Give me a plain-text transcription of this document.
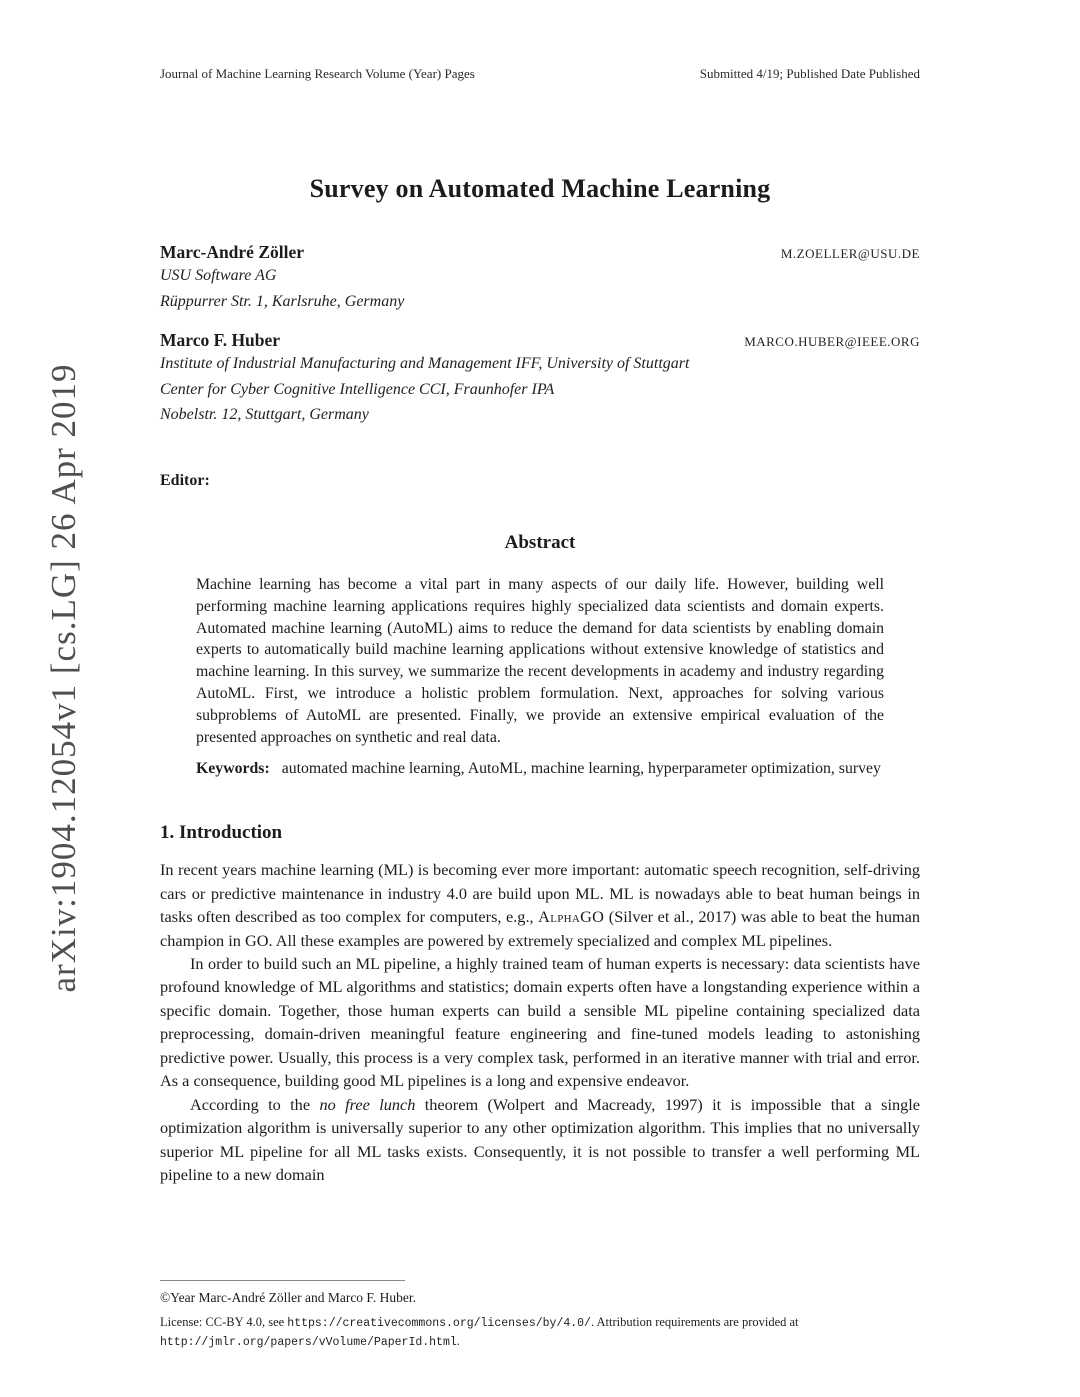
arXiv:1904.12054v1 [cs.LG] 26 Apr 2019
Journal of Machine Learning Research Volume (Year) Pages	Submitted 4/19; Published Date Published
Survey on Automated Machine Learning
Marc-André Zöller	M.ZOELLER@USU.DE
USU Software AG
Rüppurrer Str. 1, Karlsruhe, Germany
Marco F. Huber	MARCO.HUBER@IEEE.ORG
Institute of Industrial Manufacturing and Management IFF, University of Stuttgart
Center for Cyber Cognitive Intelligence CCI, Fraunhofer IPA
Nobelstr. 12, Stuttgart, Germany
Editor:
Abstract

Machine learning has become a vital part in many aspects of our daily life. However, building well performing machine learning applications requires highly specialized data scientists and domain experts. Automated machine learning (AutoML) aims to reduce the demand for data scientists by enabling domain experts to automatically build machine learning applications without extensive knowledge of statistics and machine learning. In this survey, we summarize the recent developments in academy and industry regarding AutoML. First, we introduce a holistic problem formulation. Next, approaches for solving various subproblems of AutoML are presented. Finally, we provide an extensive empirical evaluation of the presented approaches on synthetic and real data.

Keywords: automated machine learning, AutoML, machine learning, hyperparameter optimization, survey

1. Introduction

In recent years machine learning (ML) is becoming ever more important: automatic speech recognition, self-driving cars or predictive maintenance in industry 4.0 are build upon ML. ML is nowadays able to beat human beings in tasks often described as too complex for computers, e.g., AlphaGO (Silver et al., 2017) was able to beat the human champion in GO. All these examples are powered by extremely specialized and complex ML pipelines.

In order to build such an ML pipeline, a highly trained team of human experts is necessary: data scientists have profound knowledge of ML algorithms and statistics; domain experts often have a longstanding experience within a specific domain. Together, those human experts can build a sensible ML pipeline containing specialized data preprocessing, domain-driven meaningful feature engineering and fine-tuned models leading to astonishing predictive power. Usually, this process is a very complex task, performed in an iterative manner with trial and error. As a consequence, building good ML pipelines is a long and expensive endeavor.

According to the no free lunch theorem (Wolpert and Macready, 1997) it is impossible that a single optimization algorithm is universally superior to any other optimization algorithm. This implies that no universally superior ML pipeline for all ML tasks exists. Consequently, it is not possible to transfer a well performing ML pipeline to a new domain

©Year Marc-André Zöller and Marco F. Huber.

License: CC-BY 4.0, see https://creativecommons.org/licenses/by/4.0/. Attribution requirements are provided at http://jmlr.org/papers/vVolume/PaperId.html.
